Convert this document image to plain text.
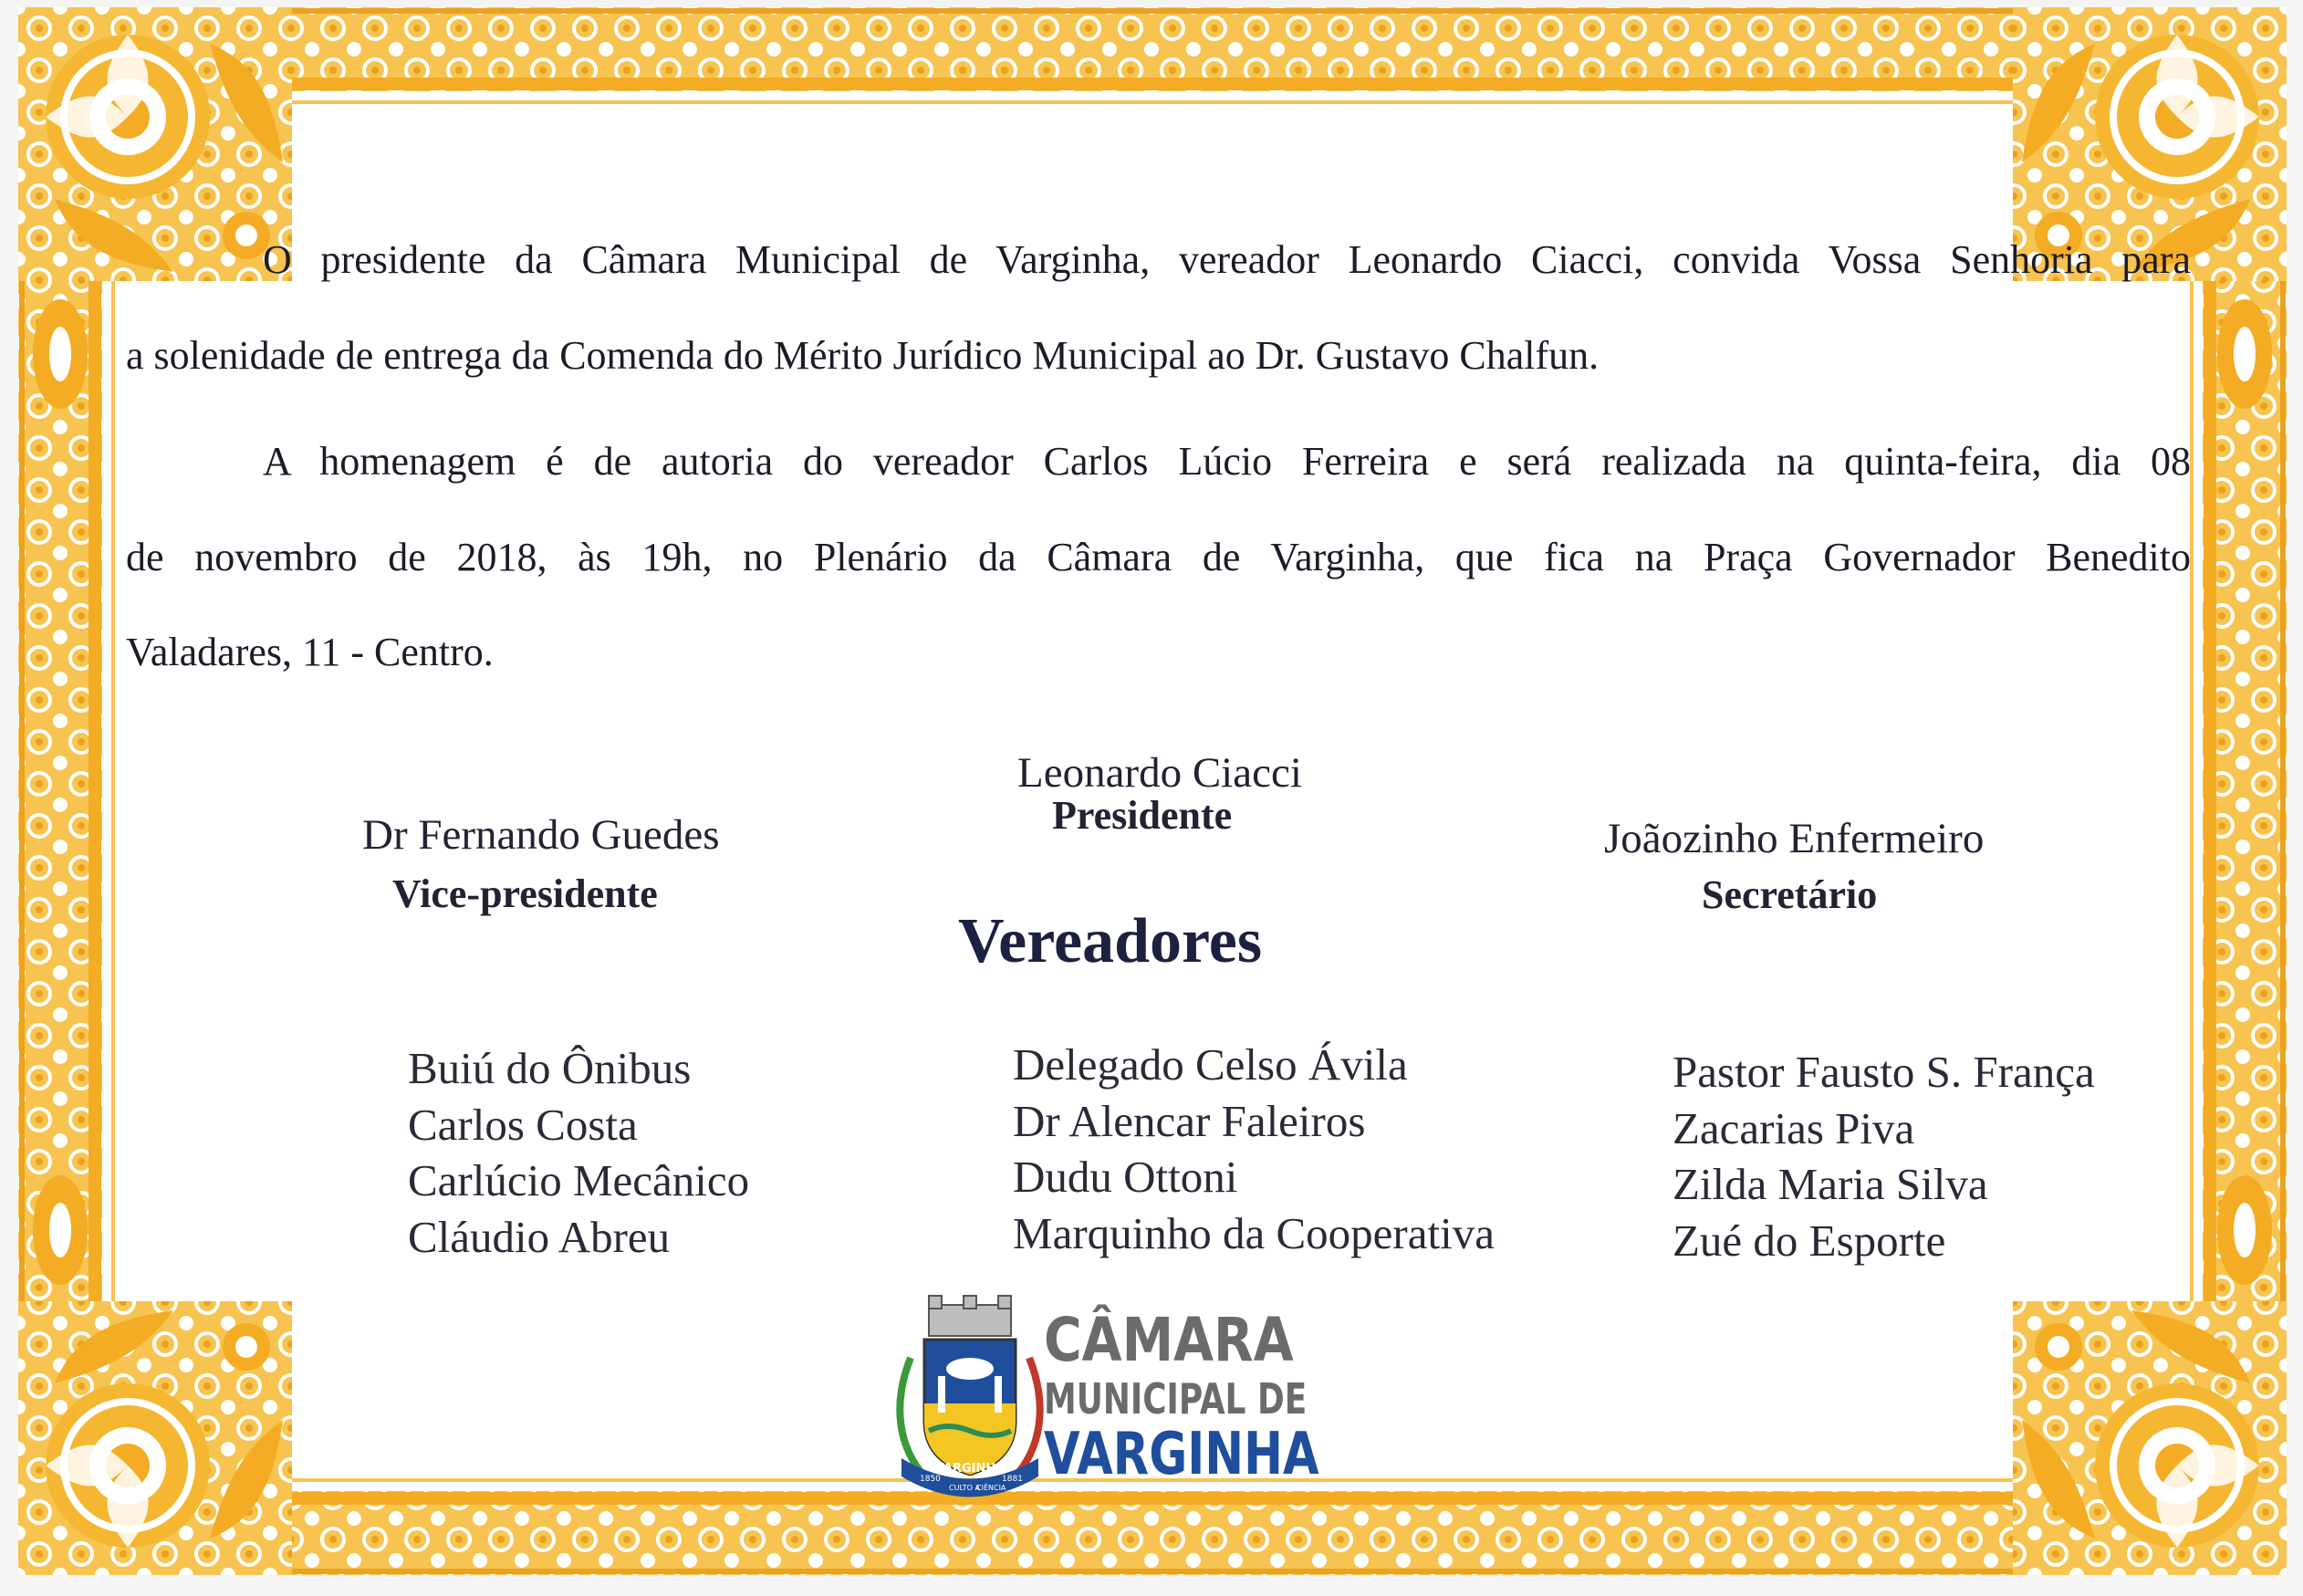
O presidente da Câmara Municipal de Varginha, vereador Leonardo Ciacci, convida Vossa Senhoria para

a solenidade de entrega da Comenda do Mérito Jurídico Municipal ao Dr. Gustavo Chalfun.

A homenagem é de autoria do vereador Carlos Lúcio Ferreira e será realizada na quinta-feira, dia 08

de novembro de 2018, às 19h, no Plenário da Câmara de Varginha, que fica na Praça Governador Benedito

Valadares, 11 - Centro.

Leonardo Ciacci
Presidente
Dr Fernando Guedes
Vice-presidente
Joãozinho Enfermeiro
Secretário
Vereadores
Buiú do Ônibus
Carlos Costa
Carlúcio Mecânico
Cláudio Abreu
Delegado Celso Ávila
Dr Alencar Faleiros
Dudu Ottoni
Marquinho da Cooperativa
Pastor Fausto S. França
Zacarias Piva
Zilda Maria Silva
Zué do Esporte
VARGINHA
1850
CULTO A
CIÊNCIA
1881
CÂMARA
MUNICIPAL DE
VARGINHA
